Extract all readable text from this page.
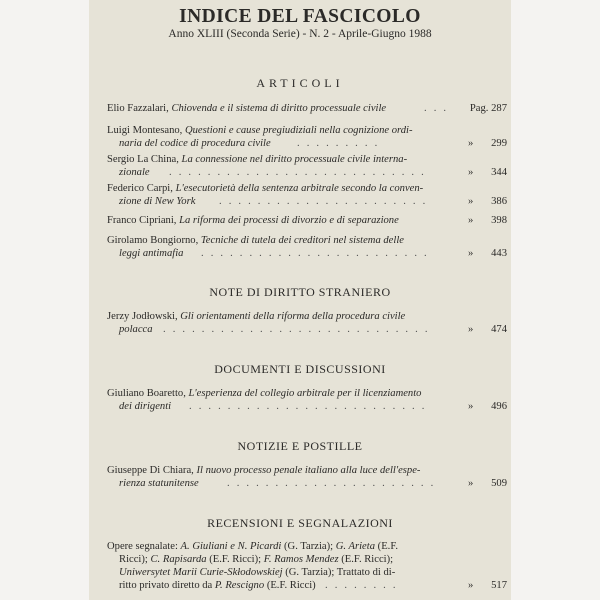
INDICE DEL FASCICOLO
Anno XLIII (Seconda Serie) - N. 2 - Aprile-Giugno 1988
ARTICOLI
Elio Fazzalari, Chiovenda e il sistema di diritto processuale civile	. . . Pag. 287
Luigi Montesano, Questioni e cause pregiudiziali nella cognizione ordi-
naria del codice di procedura civile . . . . . . . . .	» 299
Sergio La China, La connessione nel diritto processuale civile interna-
zionale . . . . . . . . . . . . . . . . . . . . . . . . . . .	» 344
Federico Carpi, L'esecutorietà della sentenza arbitrale secondo la conven-
zione di New York . . . . . . . . . . . . . . . . . . . . . .	» 386
Franco Cipriani, La riforma dei processi di divorzio e di separazione	» 398
Girolamo Bongiorno, Tecniche di tutela dei creditori nel sistema delle
leggi antimafia . . . . . . . . . . . . . . . . . . . . . . . .	» 443
NOTE DI DIRITTO STRANIERO
Jerzy Jodłowski, Gli orientamenti della riforma della procedura civile
polacca . . . . . . . . . . . . . . . . . . . . . . . . . . . .	» 474
DOCUMENTI E DISCUSSIONI
Giuliano Boaretto, L'esperienza del collegio arbitrale per il licenziamento
dei dirigenti . . . . . . . . . . . . . . . . . . . . . . . . .	» 496
NOTIZIE E POSTILLE
Giuseppe Di Chiara, Il nuovo processo penale italiano alla luce dell'espe-
rienza statunitense	. . . . . . . . . . . . . . . . . . . . . .	» 509
RECENSIONI E SEGNALAZIONI
Opere segnalate: A. Giuliani e N. Picardi (G. Tarzia); G. Arieta (E.F.
Ricci); C. Rapisarda (E.F. Ricci); F. Ramos Mendez (E.F. Ricci);
Uniwersytet Marii Curie-Skłodowskiej (G. Tarzia); Trattato di di-
ritto privato diretto da P. Rescigno (E.F. Ricci) . . . . . . . .	» 517
